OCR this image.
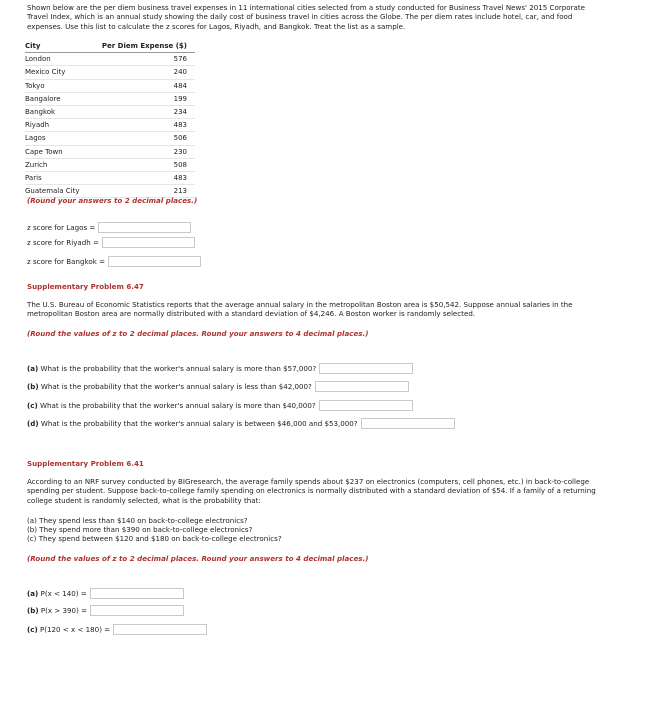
Shown below are the per diem business travel expenses in 11 international cities selected from a study conducted for Business Travel News' 2015 Corporate Travel Index, which is an annual study showing the daily cost of business travel in cities across the Globe. The per diem rates include hotel, car, and food expenses. Use this list to calculate the z scores for Lagos, Riyadh, and Bangkok. Treat the list as a sample.
City	Per Diem Expense ($)
London	576
Mexico City	240
Tokyo	484
Bangalore	199
Bangkok	234
Riyadh	483
Lagos	506
Cape Town	230
Zurich	508
Paris	483
Guatemala City	213
(Round your answers to 2 decimal places.)
z score for Lagos =
z score for Riyadh =
z score for Bangkok =
Supplementary Problem 6.47
The U.S. Bureau of Economic Statistics reports that the average annual salary in the metropolitan Boston area is $50,542. Suppose annual salaries in the metropolitan Boston area are normally distributed with a standard deviation of $4,246. A Boston worker is randomly selected.
(Round the values of z to 2 decimal places. Round your answers to 4 decimal places.)
(a)
What is the probability that the worker's annual salary is more than $57,000?
(b)
What is the probability that the worker's annual salary is less than $42,000?
(c)
What is the probability that the worker's annual salary is more than $40,000?
(d)
What is the probability that the worker's annual salary is between $46,000 and $53,000?
Supplementary Problem 6.41
According to an NRF survey conducted by BIGresearch, the average family spends about $237 on electronics (computers, cell phones, etc.) in back-to-college spending per student. Suppose back-to-college family spending on electronics is normally distributed with a standard deviation of $54. If a family of a returning college student is randomly selected, what is the probability that:
(a) They spend less than $140 on back-to-college electronics?
(b) They spend more than $390 on back-to-college electronics?
(c) They spend between $120 and $180 on back-to-college electronics?
(Round the values of z to 2 decimal places. Round your answers to 4 decimal places.)
(a)
P(x < 140) =
(b)
P(x > 390) =
(c)
P(120 < x < 180) =
